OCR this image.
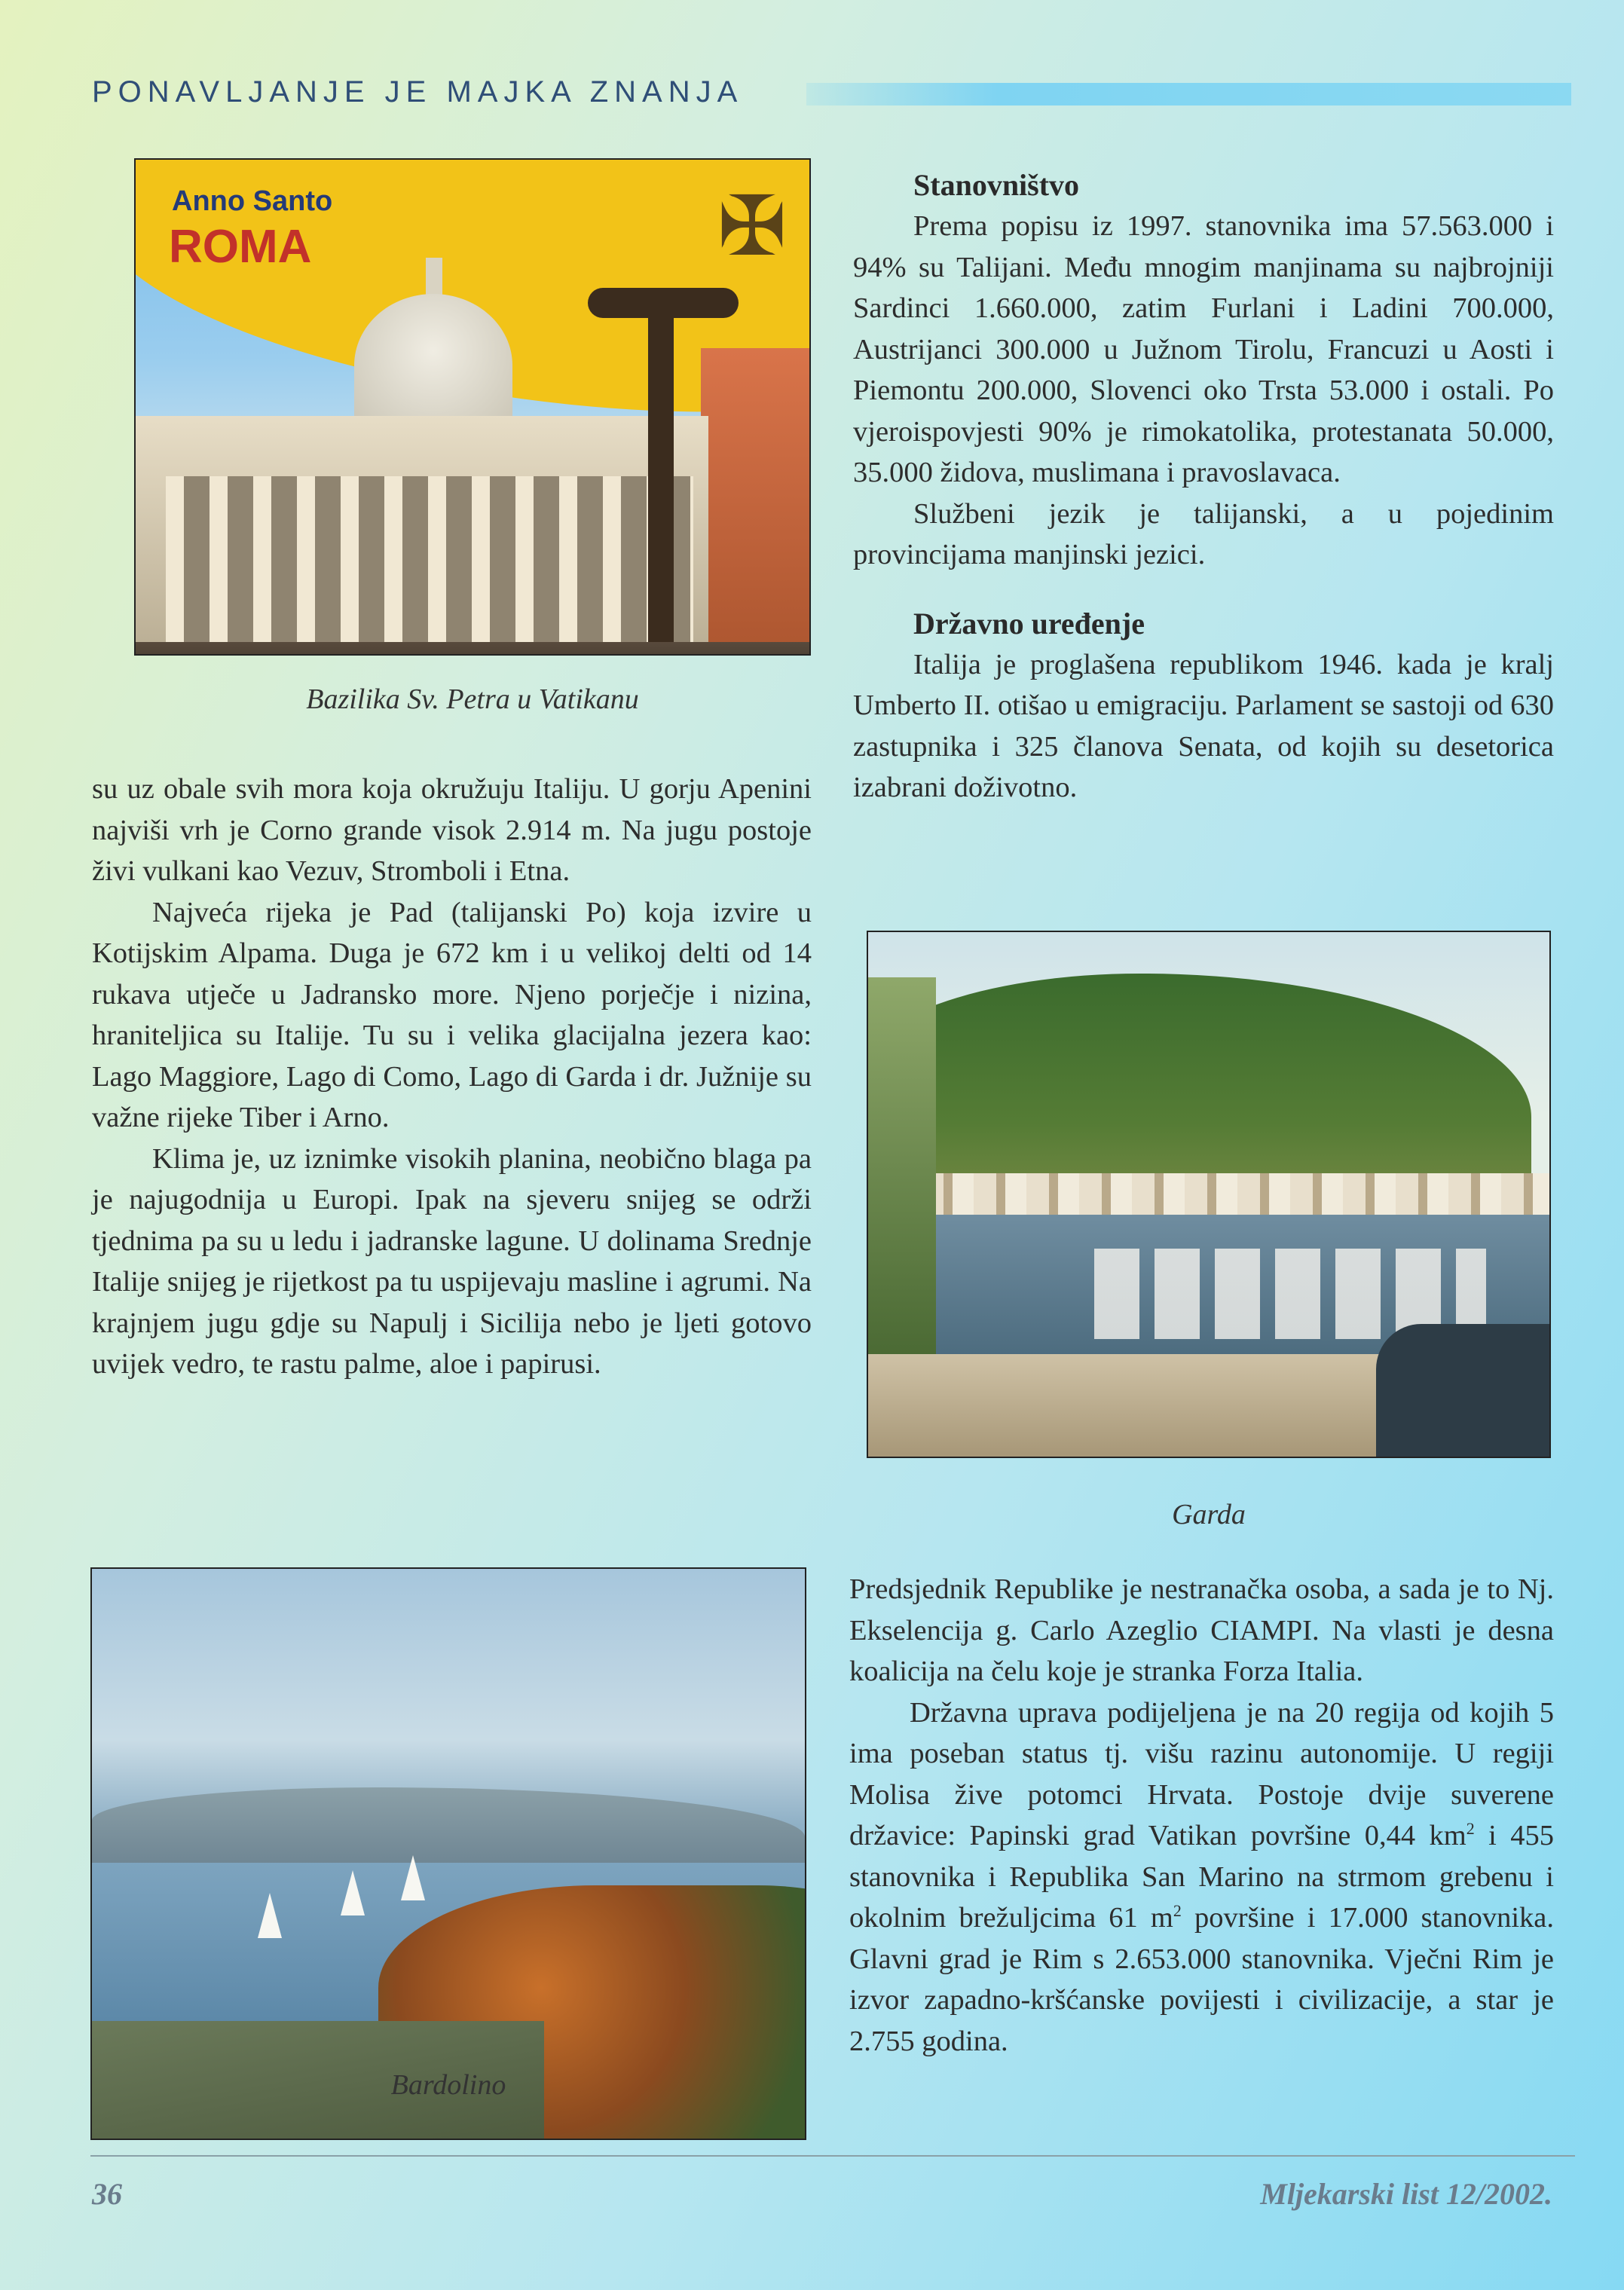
PONAVLJANJE JE MAJKA ZNANJA
Anno Santo
ROMA	✠
Bazilika Sv. Petra u Vatikanu

su uz obale svih mora koja okružuju Italiju. U gorju Apenini najviši vrh je Corno grande visok 2.914 m. Na jugu postoje živi vulkani kao Vezuv, Stromboli i Etna.

Najveća rijeka je Pad (talijanski Po) koja izvire u Kotijskim Alpama. Duga je 672 km i u velikoj delti od 14 rukava utječe u Jadransko more. Njeno porječje i nizina, hraniteljica su Italije. Tu su i velika glacijalna jezera kao: Lago Maggiore, Lago di Como, Lago di Garda i dr. Južnije su važne rijeke Tiber i Arno.

Klima je, uz iznimke visokih planina, neobično blaga pa je najugodnija u Europi. Ipak na sjeveru snijeg se održi tjednima pa su u ledu i jadranske lagune. U dolinama Srednje Italije snijeg je rijetkost pa tu uspijevaju masline i agrumi. Na krajnjem jugu gdje su Napulj i Sicilija nebo je ljeti gotovo uvijek vedro, te rastu palme, aloe i papirusi.

Bardolino
Stanovništvo

Prema popisu iz 1997. stanovnika ima 57.563.000 i 94% su Talijani. Među mnogim manjinama su najbrojniji Sardinci 1.660.000, zatim Furlani i Ladini 700.000, Austrijanci 300.000 u Južnom Tirolu, Francuzi u Aosti i Piemontu 200.000, Slovenci oko Trsta 53.000 i ostali. Po vjeroispovjesti 90% je rimokatolika, protestanata 50.000, 35.000 židova, muslimana i pravoslavaca.

Službeni jezik je talijanski, a u pojedinim provincijama manjinski jezici.

Državno uređenje

Italija je proglašena republikom 1946. kada je kralj Umberto II. otišao u emigraciju. Parlament se sastoji od 630 zastupnika i 325 članova Senata, od kojih su desetorica izabrani doživotno.

Garda

Predsjednik Republike je nestranačka osoba, a sada je to Nj. Ekselencija g. Carlo Azeglio CIAMPI. Na vlasti je desna koalicija na čelu koje je stranka Forza Italia.

Državna uprava podijeljena je na 20 regija od kojih 5 ima poseban status tj. višu razinu autonomije. U regiji Molisa žive potomci Hrvata. Postoje dvije suverene državice: Papinski grad Vatikan površine 0,44 $km^2$ i 455 stanovnika i Republika San Marino na strmom grebenu i okolnim brežuljcima 61 $m^2$ površine i 17.000 stanovnika. Glavni grad je Rim s 2.653.000 stanovnika. Vječni Rim je izvor zapadno-kršćanske povijesti i civilizacije, a star je 2.755 godina.

36	Mljekarski list 12/2002.
